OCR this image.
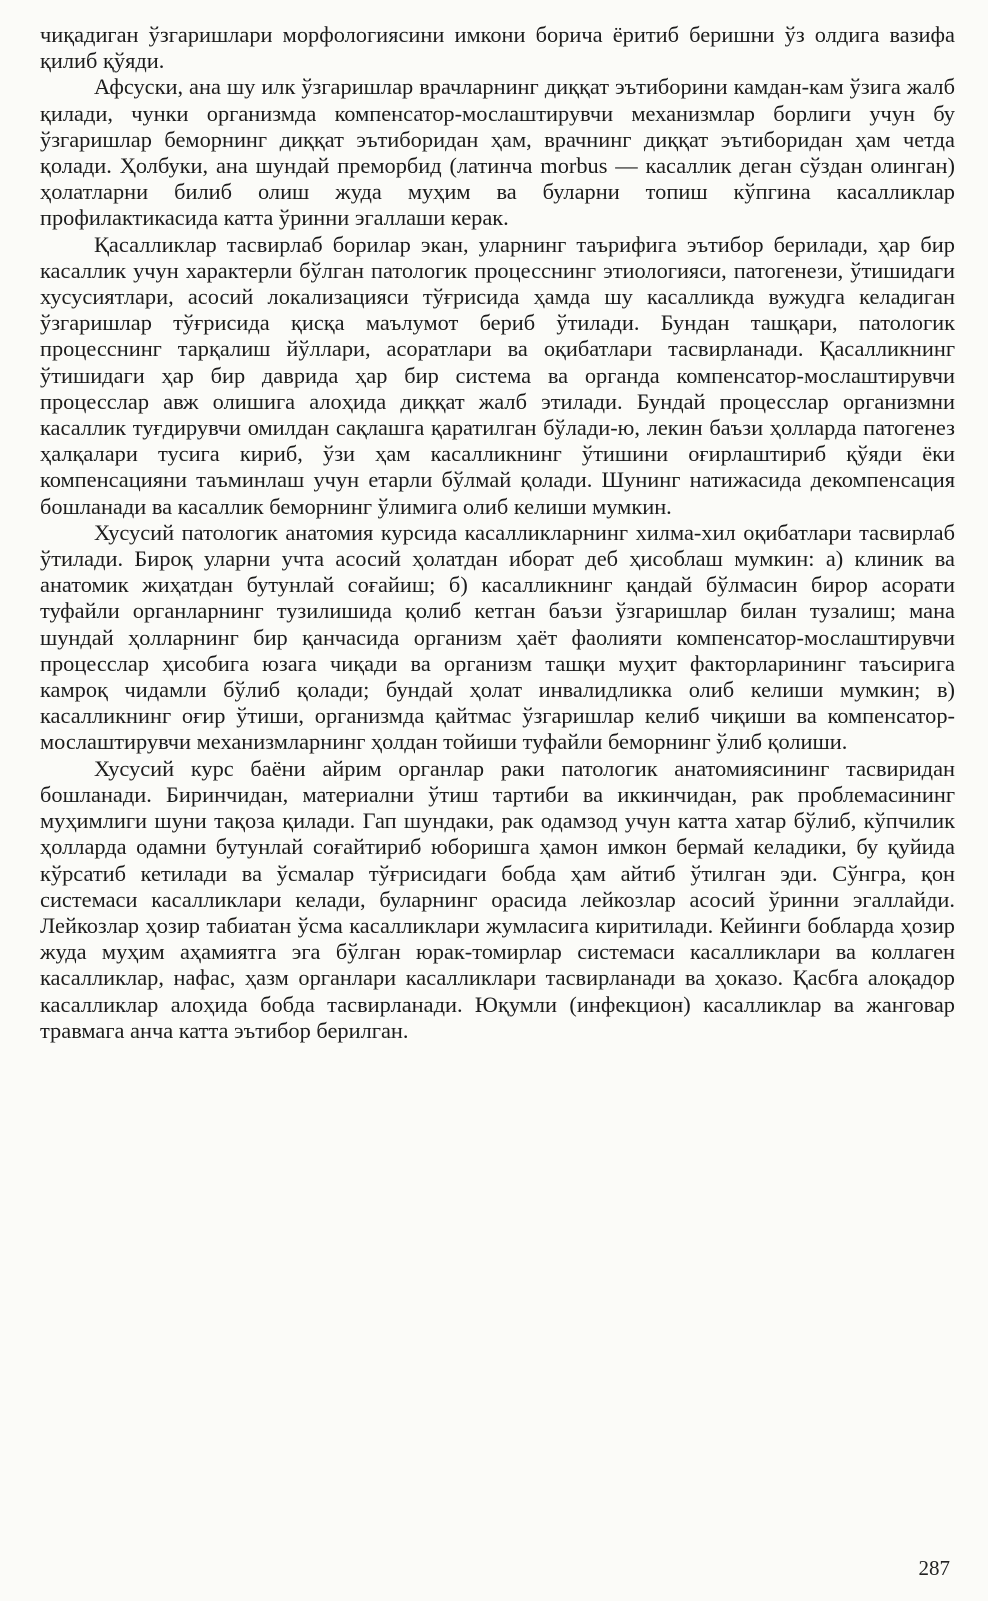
чиқадиган ўзгаришлари морфологиясини имкони борича ёритиб беришни ўз олдига вазифа қилиб қўяди.

Афсуски, ана шу илк ўзгаришлар врачларнинг диққат эътиборини камдан-кам ўзига жалб қилади, чунки организмда компенсатор-мослаштирувчи механизмлар борлиги учун бу ўзгаришлар беморнинг диққат эътиборидан ҳам, врачнинг диққат эътиборидан ҳам четда қолади. Ҳолбуки, ана шундай преморбид (латинча morbus — касаллик деган сўздан олинган) ҳолатларни билиб олиш жуда муҳим ва буларни топиш кўпгина касалликлар профилактикасида катта ўринни эгаллаши керак.

Қасалликлар тасвирлаб борилар экан, уларнинг таърифига эътибор берилади, ҳар бир касаллик учун характерли бўлган патологик процесснинг этиологияси, патогенези, ўтишидаги хусусиятлари, асосий локализацияси тўғрисида ҳамда шу касалликда вужудга келадиган ўзгаришлар тўғрисида қисқа маълумот бериб ўтилади. Бундан ташқари, патологик процесснинг тарқалиш йўллари, асоратлари ва оқибатлари тасвирланади. Қасалликнинг ўтишидаги ҳар бир даврида ҳар бир система ва органда компенсатор-мослаштирувчи процесслар авж олишига алоҳида диққат жалб этилади. Бундай процесслар организмни касаллик туғдирувчи омилдан сақлашга қаратилган бўлади-ю, лекин баъзи ҳолларда патогенез ҳалқалари тусига кириб, ўзи ҳам касалликнинг ўтишини оғирлаштириб қўяди ёки компенсацияни таъминлаш учун етарли бўлмай қолади. Шунинг натижасида декомпенсация бошланади ва касаллик беморнинг ўлимига олиб келиши мумкин.

Хусусий патологик анатомия курсида касалликларнинг хилма-хил оқибатлари тасвирлаб ўтилади. Бироқ уларни учта асосий ҳолатдан иборат деб ҳисоблаш мумкин: а) клиник ва анатомик жиҳатдан бутунлай соғайиш; б) касалликнинг қандай бўлмасин бирор асорати туфайли органларнинг тузилишида қолиб кетган баъзи ўзгаришлар билан тузалиш; мана шундай ҳолларнинг бир қанчасида организм ҳаёт фаолияти компенсатор-мослаштирувчи процесслар ҳисобига юзага чиқади ва организм ташқи муҳит факторларининг таъсирига камроқ чидамли бўлиб қолади; бундай ҳолат инвалидликка олиб келиши мумкин; в) касалликнинг оғир ўтиши, организмда қайтмас ўзгаришлар келиб чиқиши ва компенсатор-мослаштирувчи механизмларнинг ҳолдан тойиши туфайли беморнинг ўлиб қолиши.

Хусусий курс баёни айрим органлар раки патологик анатомиясининг тасвиридан бошланади. Биринчидан, материални ўтиш тартиби ва иккинчидан, рак проблемасининг муҳимлиги шуни тақоза қилади. Гап шундаки, рак одамзод учун катта хатар бўлиб, кўпчилик ҳолларда одамни бутунлай соғайтириб юборишга ҳамон имкон бермай келадики, бу қуйида кўрсатиб кетилади ва ўсмалар тўғрисидаги бобда ҳам айтиб ўтилган эди. Сўнгра, қон системаси касалликлари келади, буларнинг орасида лейкозлар асосий ўринни эгаллайди. Лейкозлар ҳозир табиатан ўсма касалликлари жумласига киритилади. Кейинги бобларда ҳозир жуда муҳим аҳамиятга эга бўлган юрак-томирлар системаси касалликлари ва коллаген касалликлар, нафас, ҳазм органлари касалликлари тасвирланади ва ҳоказо. Қасбга алоқадор касалликлар алоҳида бобда тасвирланади. Юқумли (инфекцион) касалликлар ва жанговар травмага анча катта эътибор берилган.

287
